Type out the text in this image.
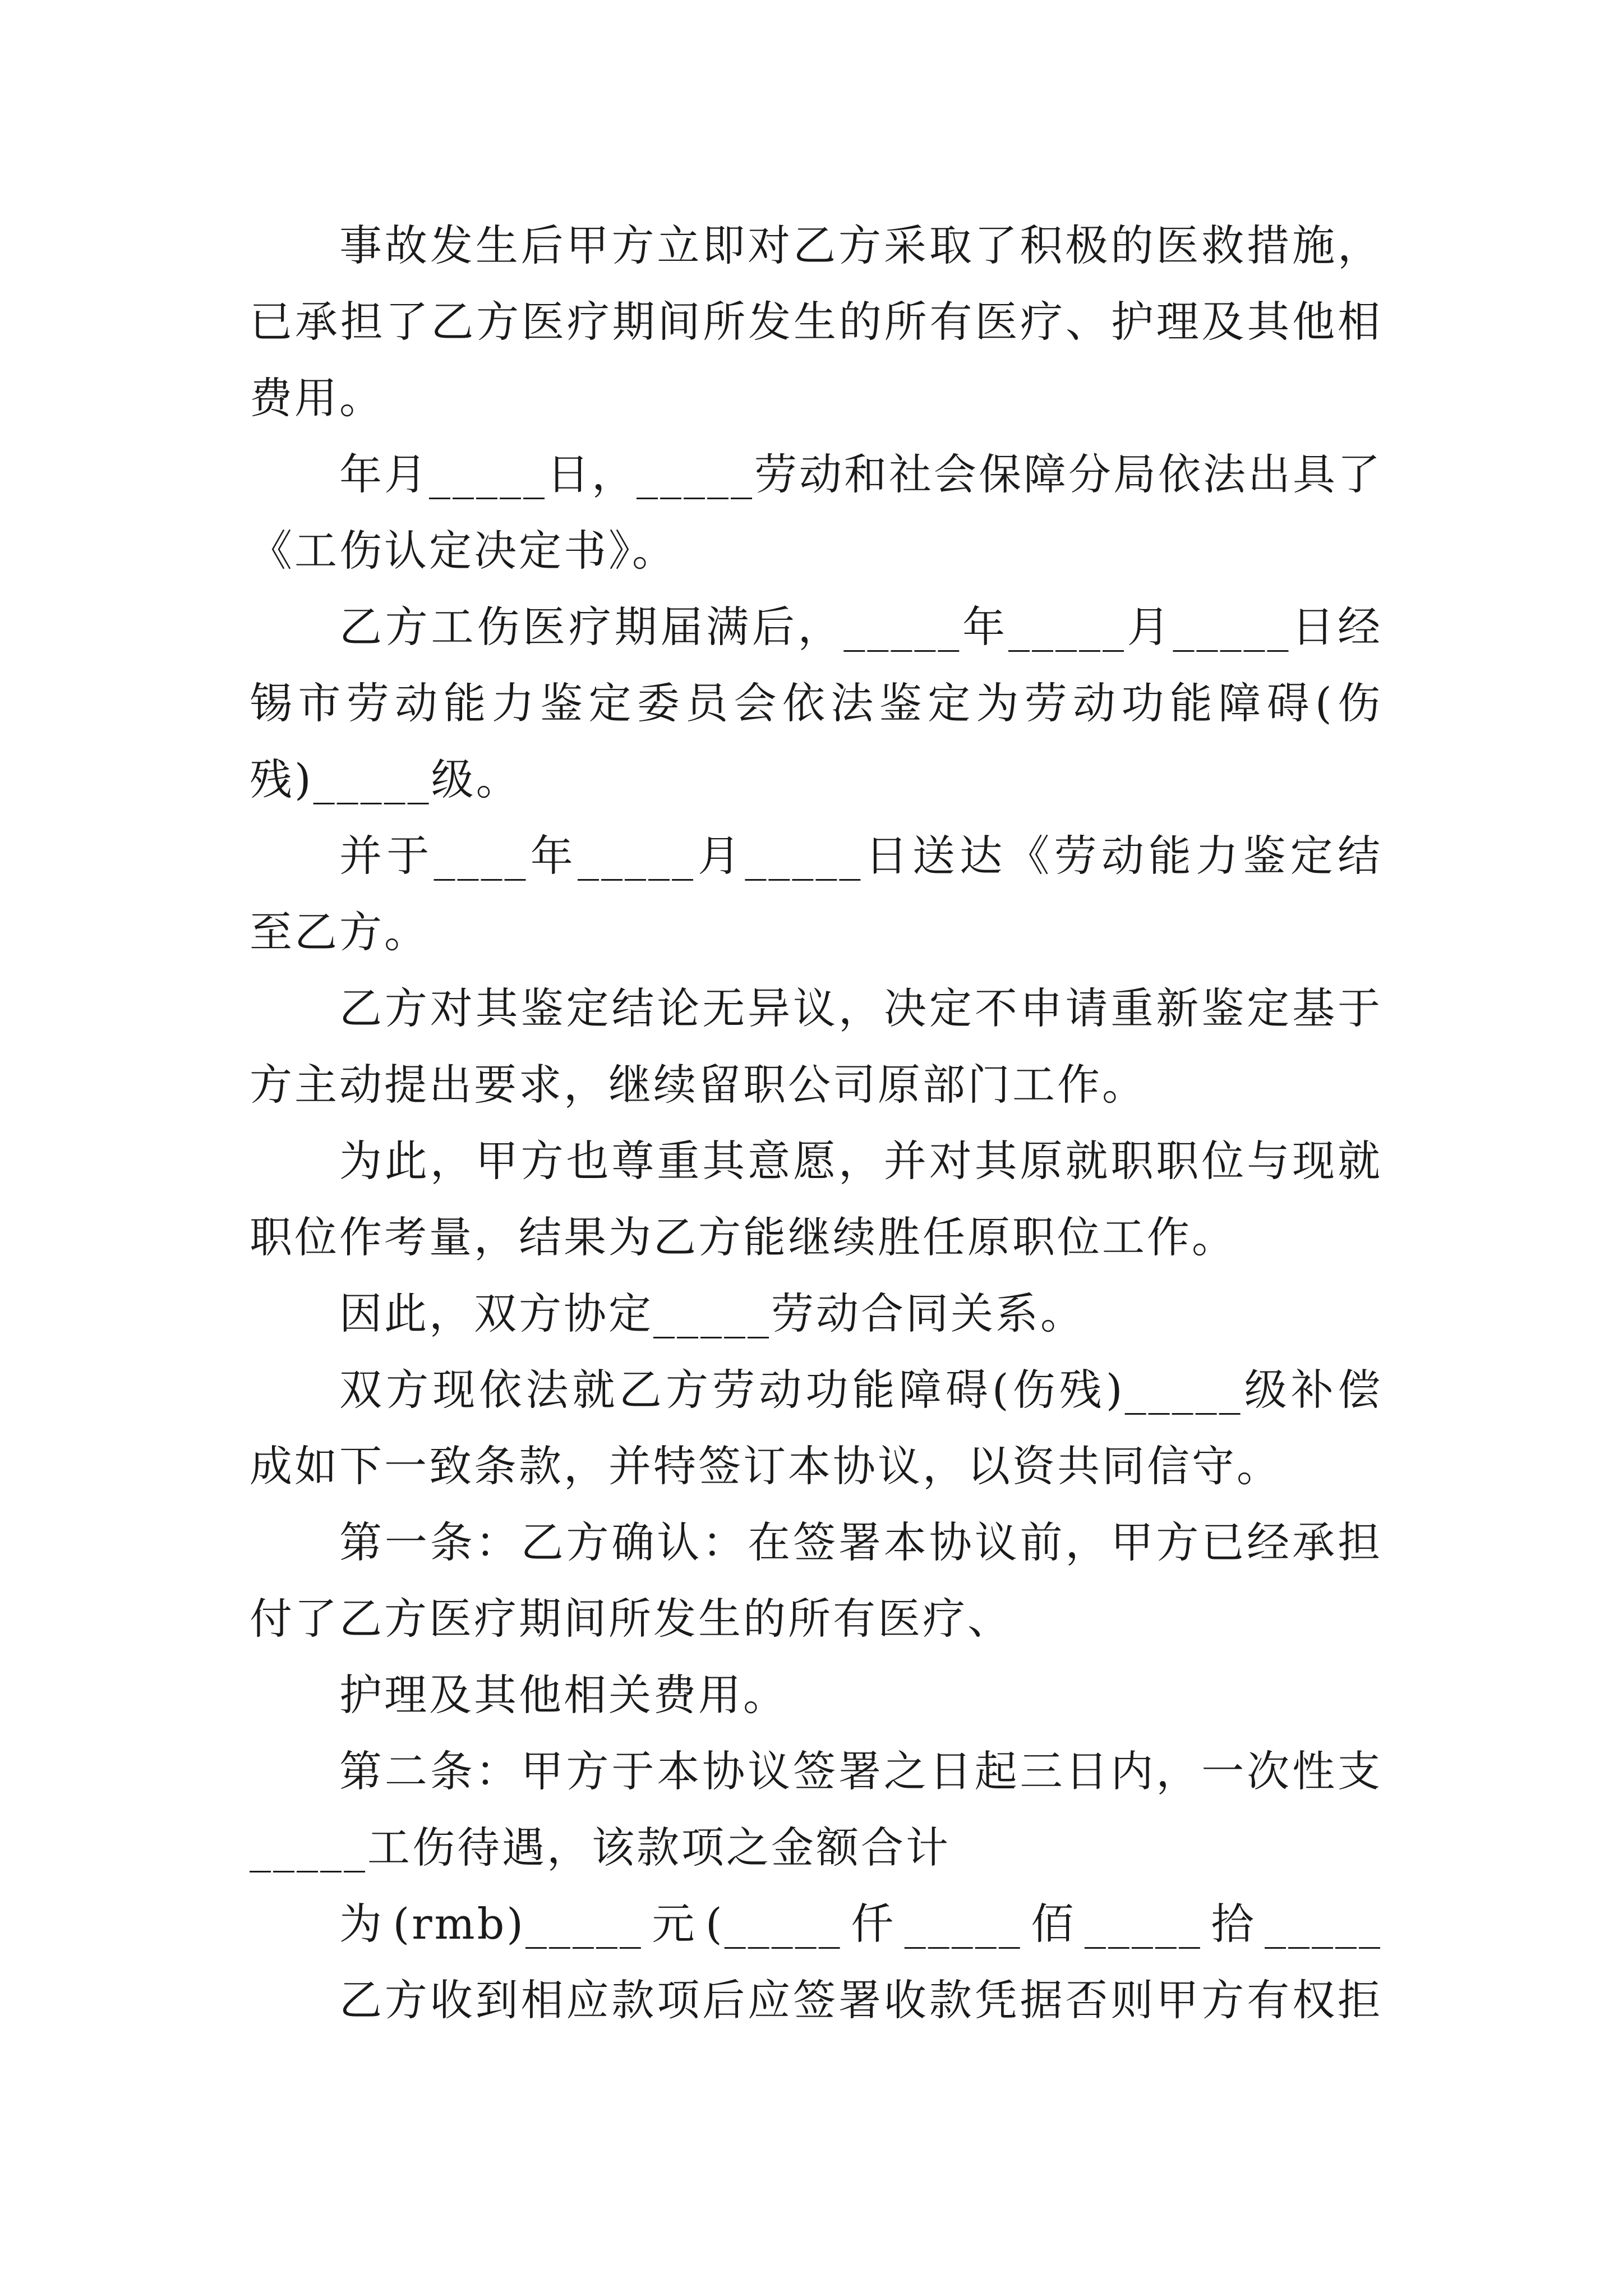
事故发生后甲方立即对乙方采取了积极的医救措施，
已承担了乙方医疗期间所发生的所有医疗、护理及其他相
费用。
年月_____日，_____劳动和社会保障分局依法出具了
《工伤认定决定书》。
乙方工伤医疗期届满后，_____年_____月_____日经
锡市劳动能力鉴定委员会依法鉴定为劳动功能障碍(伤
残)_____级。
并于____年_____月_____日送达《劳动能力鉴定结
至乙方。
乙方对其鉴定结论无异议，决定不申请重新鉴定基于
方主动提出要求，继续留职公司原部门工作。
为此，甲方也尊重其意愿，并对其原就职职位与现就
职位作考量，结果为乙方能继续胜任原职位工作。
因此，双方协定_____劳动合同关系。
双方现依法就乙方劳动功能障碍(伤残)_____级补偿
成如下一致条款，并特签订本协议，以资共同信守。
第一条：乙方确认：在签署本协议前，甲方已经承担
付了乙方医疗期间所发生的所有医疗、
护理及其他相关费用。
第二条：甲方于本协议签署之日起三日内，一次性支
_____工伤待遇，该款项之金额合计
为(rmb)_____元(_____仟_____佰_____拾_____
乙方收到相应款项后应签署收款凭据否则甲方有权拒
